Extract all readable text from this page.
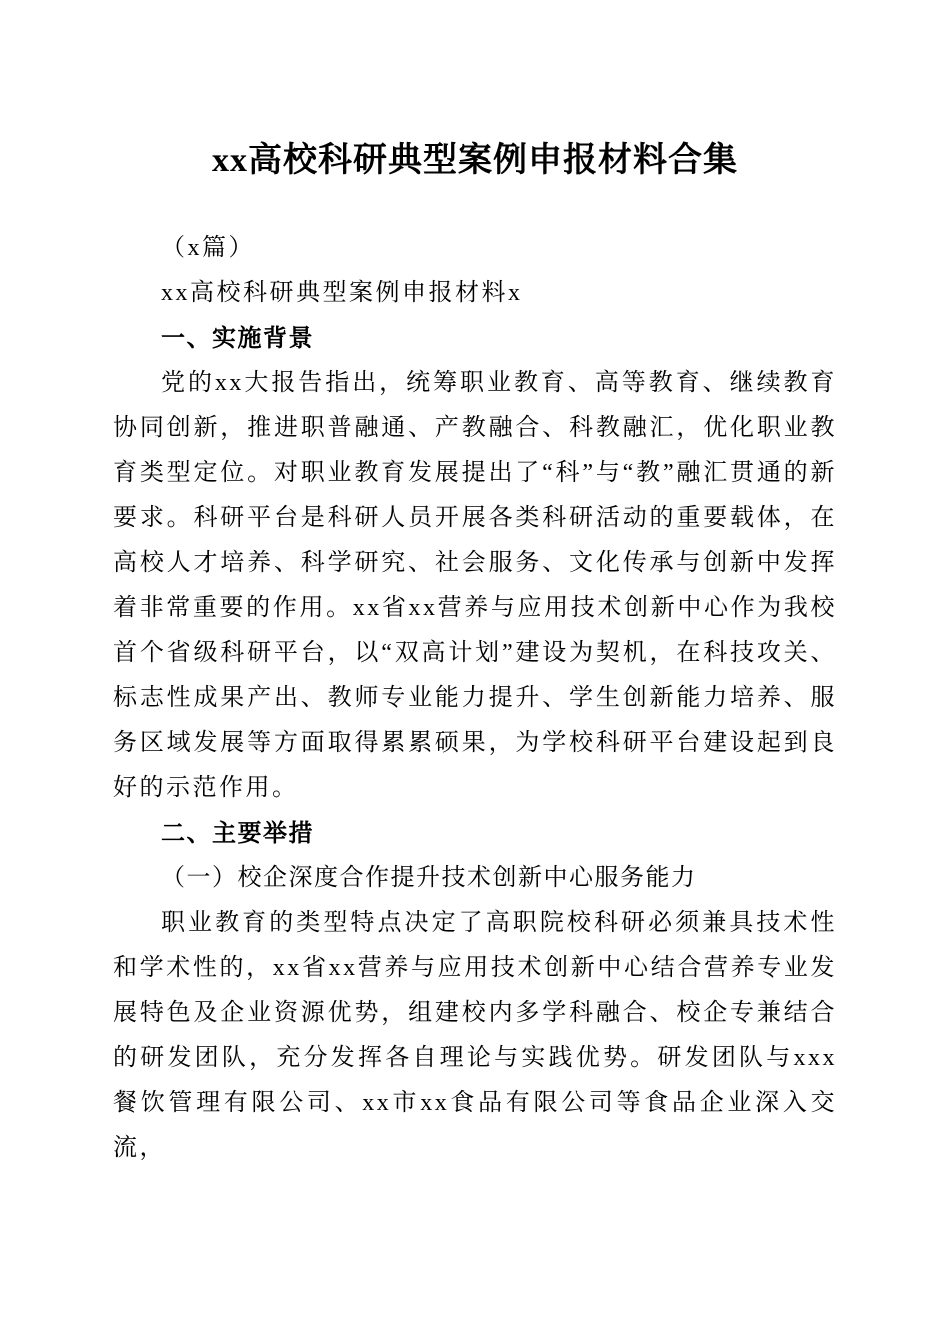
xx高校科研典型案例申报材料合集

（x篇）

xx高校科研典型案例申报材料x

一、实施背景

党的xx大报告指出，统筹职业教育、高等教育、继续教育协同创新，推进职普融通、产教融合、科教融汇，优化职业教育类型定位。对职业教育发展提出了“科”与“教”融汇贯通的新要求。科研平台是科研人员开展各类科研活动的重要载体，在高校人才培养、科学研究、社会服务、文化传承与创新中发挥着非常重要的作用。xx省xx营养与应用技术创新中心作为我校首个省级科研平台，以“双高计划”建设为契机，在科技攻关、标志性成果产出、教师专业能力提升、学生创新能力培养、服务区域发展等方面取得累累硕果，为学校科研平台建设起到良好的示范作用。

二、主要举措
（一）校企深度合作提升技术创新中心服务能力

职业教育的类型特点决定了高职院校科研必须兼具技术性和学术性的，xx省xx营养与应用技术创新中心结合营养专业发展特色及企业资源优势，组建校内多学科融合、校企专兼结合的研发团队，充分发挥各自理论与实践优势。研发团队与xxx餐饮管理有限公司、xx市xx食品有限公司等食品企业深入交流，
